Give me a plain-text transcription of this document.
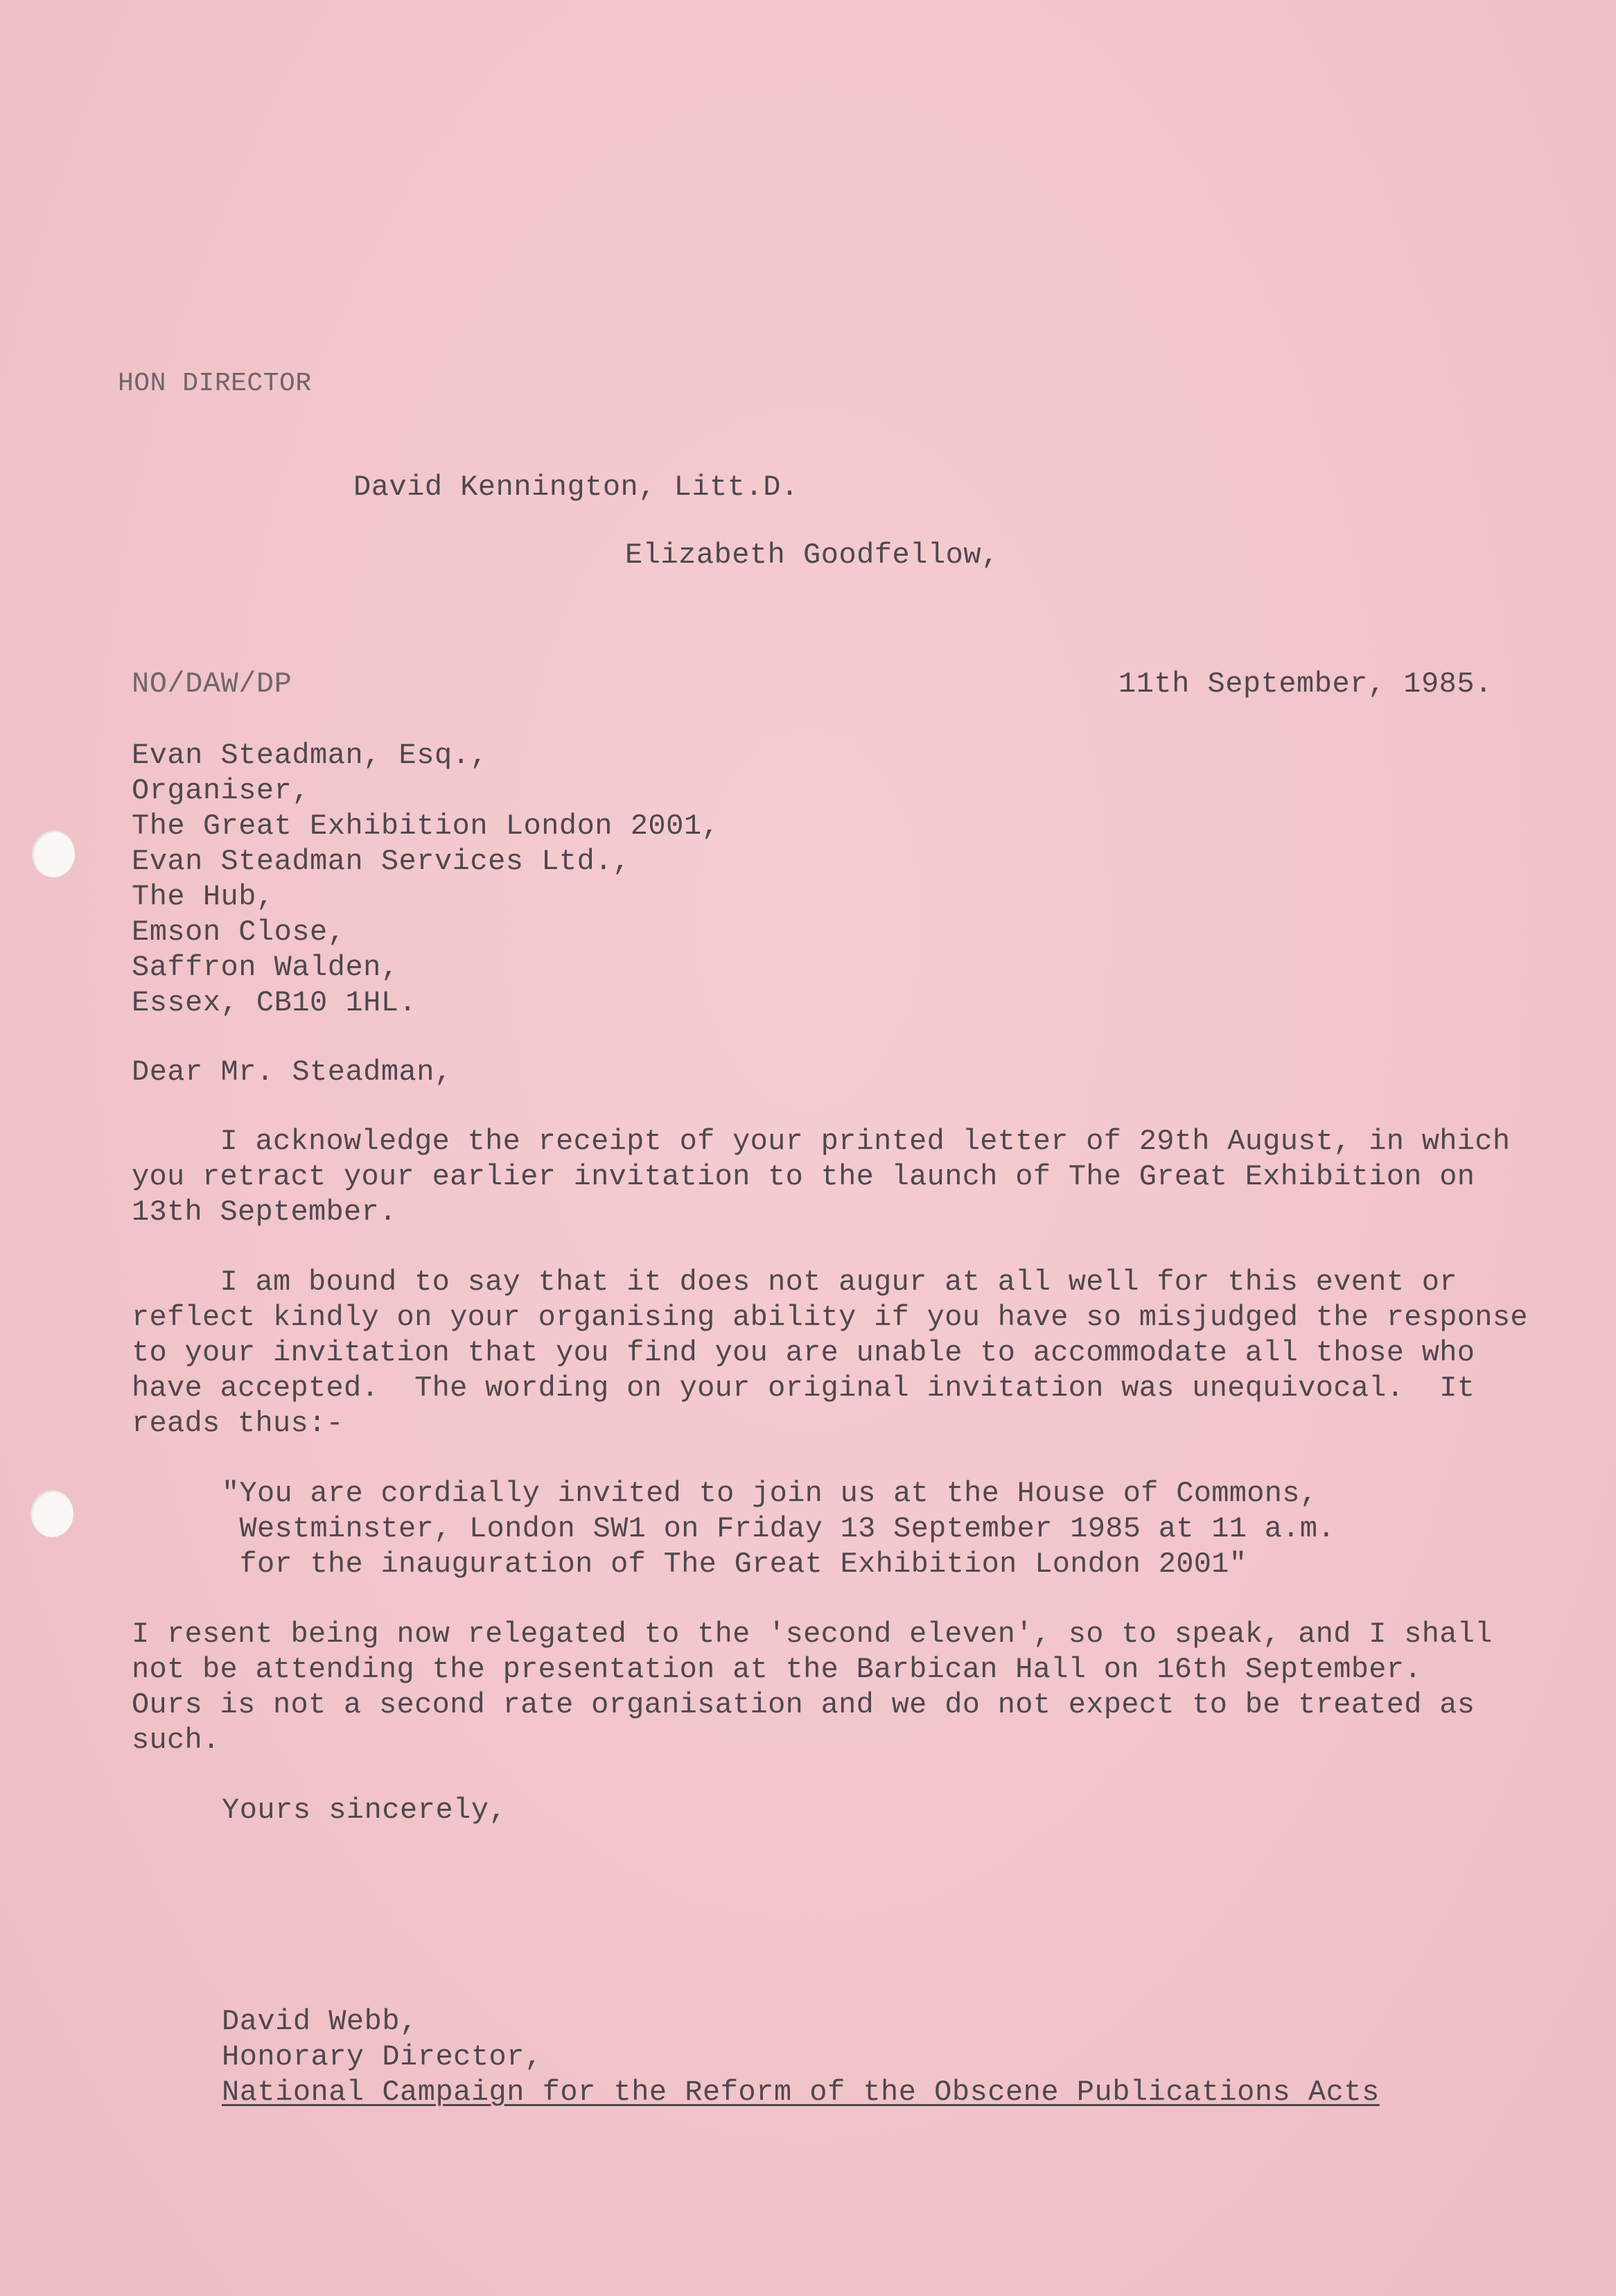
HON DIRECTOR
David Kennington, Litt.D.
Elizabeth Goodfellow,
NO/DAW/DP	11th September, 1985.
Evan Steadman, Esq.,
Organiser,
The Great Exhibition London 2001,
Evan Steadman Services Ltd.,
The Hub,
Emson Close,
Saffron Walden,
Essex, CB10 1HL.
Dear Mr. Steadman,
I acknowledge the receipt of your printed letter of 29th August, in which
you retract your earlier invitation to the launch of The Great Exhibition on
13th September.
I am bound to say that it does not augur at all well for this event or
reflect kindly on your organising ability if you have so misjudged the response
to your invitation that you find you are unable to accommodate all those who
have accepted.  The wording on your original invitation was unequivocal.  It
reads thus:-
"You are cordially invited to join us at the House of Commons,
Westminster, London SW1 on Friday 13 September 1985 at 11 a.m.
for the inauguration of The Great Exhibition London 2001"
I resent being now relegated to the 'second eleven', so to speak, and I shall
not be attending the presentation at the Barbican Hall on 16th September.
Ours is not a second rate organisation and we do not expect to be treated as
such.
Yours sincerely,
David Webb,
Honorary Director,
National Campaign for the Reform of the Obscene Publications Acts
